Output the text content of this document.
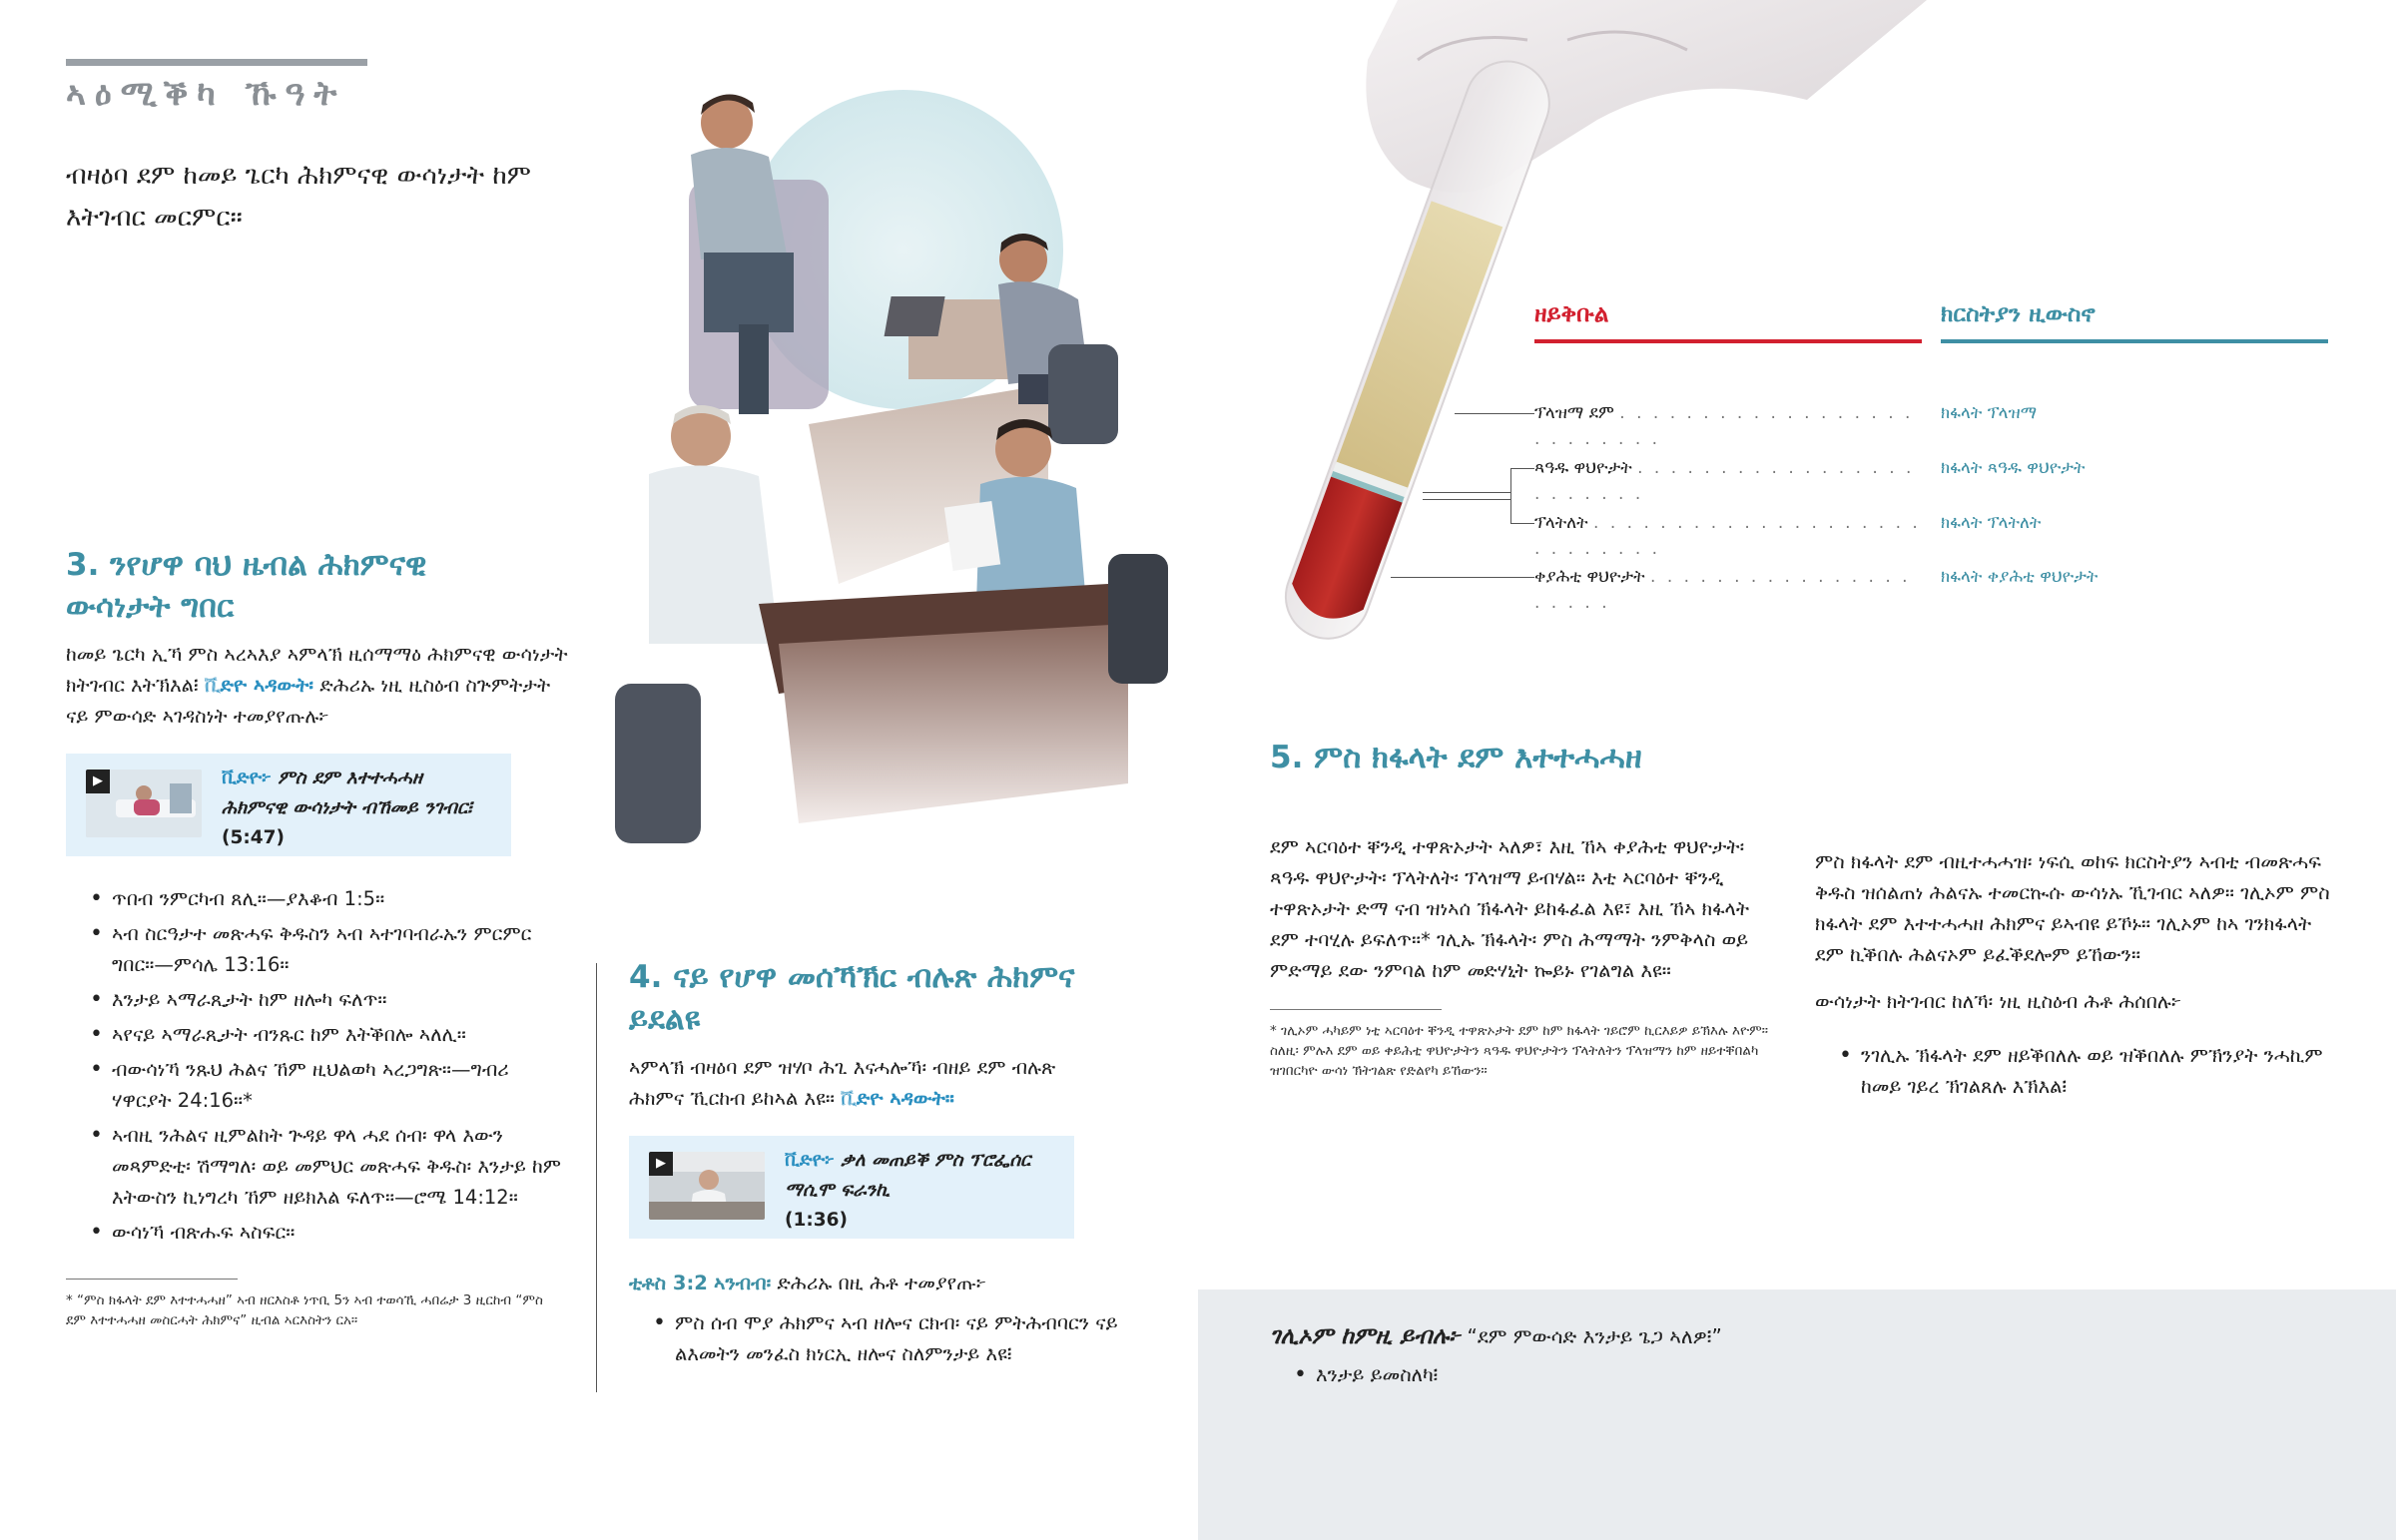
ኣዕሚቕካ ኹዓት
ብዛዕባ ደም ከመይ ጌርካ ሕክምናዊ ውሳነታት ከም እትገብር መርምር።
3. ንየሆዋ ባህ ዜብል ሕክምናዊ ውሳነታት ግበር
ከመይ ጌርካ ኢኻ ምስ ኣረኣእያ ኣምላኽ ዚሰማማዕ ሕክምናዊ ውሳነታት ክትገብር እትኽእል፧ ቪድዮ ኣዳውት፡ ድሕሪኡ ነዚ ዚስዕብ ስጕምትታት ናይ ምውሳድ ኣገዳስነት ተመያየጡሉ፦
▶	ቪድዮ፦ ምስ ደም እተተሓሓዘ ሕክምናዊ ውሳነታት ብኸመይ ንገብር፧ (5:47)
• ጥበብ ንምርካብ ጸሊ።—ያእቆብ 1:5።
• ኣብ ስርዓታተ መጽሓፍ ቅዱስን ኣብ ኣተገባብራኡን ምርምር ግበር።—ምሳሌ 13:16።
• እንታይ ኣማራጺታት ከም ዘሎካ ፍለጥ።
• ኣየናይ ኣማራጺታት ብንጹር ከም እትቕበሎ ኣለሊ።
• ብውሳነኻ ንጹህ ሕልና ኸም ዚህልወካ ኣረጋግጽ።—ግብሪ ሃዋርያት 24:16።*
• ኣብዚ ንሕልና ዚምልከት ጕዳይ ዋላ ሓደ ሰብ፡ ዋላ እውን መጻምድቲ፡ ሽማግለ፡ ወይ መምህር መጽሓፍ ቅዱስ፡ እንታይ ከም እትውስን ኪነግረካ ኸም ዘይክእል ፍለጥ።—ሮሜ 14:12።
• ውሳነኻ ብጽሑፍ ኣስፍር።
* “ምስ ክፋላት ደም እተተሓሓዘ” ኣብ ዘርእስቶ ነጥቢ 5ን ኣብ ተወሳኺ ሓበሬታ 3 ዚርከብ “ምስ ደም እተተሓሓዘ መስርሓት ሕክምና” ዚብል ኣርእስትን ርአ።
4. ናይ የሆዋ መሰኻኽር ብሉጽ ሕክምና ይደልዩ
ኣምላኽ ብዛዕባ ደም ዝሃቦ ሕጊ እናሓሎኻ፡ ብዘይ ደም ብሉጽ ሕክምና ኺርከብ ይከኣል እዩ። ቪድዮ ኣዳውት።
▶	ቪድዮ፦ ቃለ መጠይቕ ምስ ፕሮፌሰር ማሲሞ ፍራንኪ
(1:36)
ቲቶስ 3:2 ኣንብብ፡ ድሕሪኡ በዚ ሕቶ ተመያየጡ፦
• ምስ ሰብ ሞያ ሕክምና ኣብ ዘሎና ርክብ፡ ናይ ምትሕብባርን ናይ ልእመትን መንፈስ ክነርኢ ዘሎና ስለምንታይ እዩ፧
ዘይቅቡል	ክርስትያን ዚውስኖ
ፕላዝማ ደም . . . . . . . . . . . . . . . . . . . . . . . . . .
ክፋላት ፕላዝማ
ጻዓዱ ዋህዮታት . . . . . . . . . . . . . . . . . . . . . . . .
ክፋላት ጻዓዱ ዋህዮታት
ፕላትለት . . . . . . . . . . . . . . . . . . . . . . . . . . . .
ክፋላት ፕላትለት
ቀያሕቲ ዋህዮታት . . . . . . . . . . . . . . . . . . . . .
ክፋላት ቀያሕቲ ዋህዮታት
5. ምስ ክፋላት ደም እተተሓሓዘ
ደም ኣርባዕተ ቐንዲ ተዋጽኦታት ኣለዎ፣ እዚ ኸኣ ቀያሕቲ ዋህዮታት፡ ጻዓዱ ዋህዮታት፡ ፕላትለት፡ ፕላዝማ ይብሃል። እቲ ኣርባዕተ ቐንዲ ተዋጽኦታት ድማ ናብ ዝነኣሰ ኽፋላት ይከፋፈል እዩ፣ እዚ ኸኣ ክፋላት ደም ተባሂሉ ይፍለጥ።* ገሊኡ ኽፋላት፡ ምስ ሕማማት ንምቅላስ ወይ ምድማይ ደው ንምባል ከም መድሃኒት ኰይኑ የገልግል እዩ።
* ገሊኦም ሓካይም ነቲ ኣርባዕተ ቐንዲ ተዋጽኦታት ደም ከም ክፋላት ገይሮም ኪርእይዎ ይኽእሉ እዮም። ስለዚ፡ ምሉእ ደም ወይ ቀይሕቲ ዋህዮታትን ጻዓዱ ዋህዮታትን ፕላትለትን ፕላዝማን ከም ዘይተቐበልካ ዝገበርካዮ ውሳነ ኽትገልጽ የድልየካ ይኸውን።
ምስ ክፋላት ደም ብዚተሓሓዝ፡ ነፍሲ ወከፍ ክርስትያን ኣብቲ ብመጽሓፍ ቅዱስ ዝሰልጠነ ሕልናኡ ተመርኲሱ ውሳነኡ ኺገብር ኣለዎ። ገሊኦም ምስ ክፋላት ደም እተተሓሓዘ ሕክምና ይኣብዩ ይኾኑ። ገሊኦም ከኣ ገንክፋላት ደም ኪቕበሉ ሕልናኦም ይፈቕደሎም ይኸውን።
ውሳነታት ክትገብር ከለኻ፡ ነዚ ዚስዕብ ሕቶ ሕሰበሉ፦
• ንገሊኡ ኽፋላት ደም ዘይቕበለሉ ወይ ዝቕበለሉ ምኽንያት ንሓኪም ከመይ ገይረ ኽገልጸሉ እኽእል፧
ገሊኦም ከምዚ ይብሉ፦ “ደም ምውሳድ እንታይ ጌጋ ኣለዎ፧”
• እንታይ ይመስለካ፧
